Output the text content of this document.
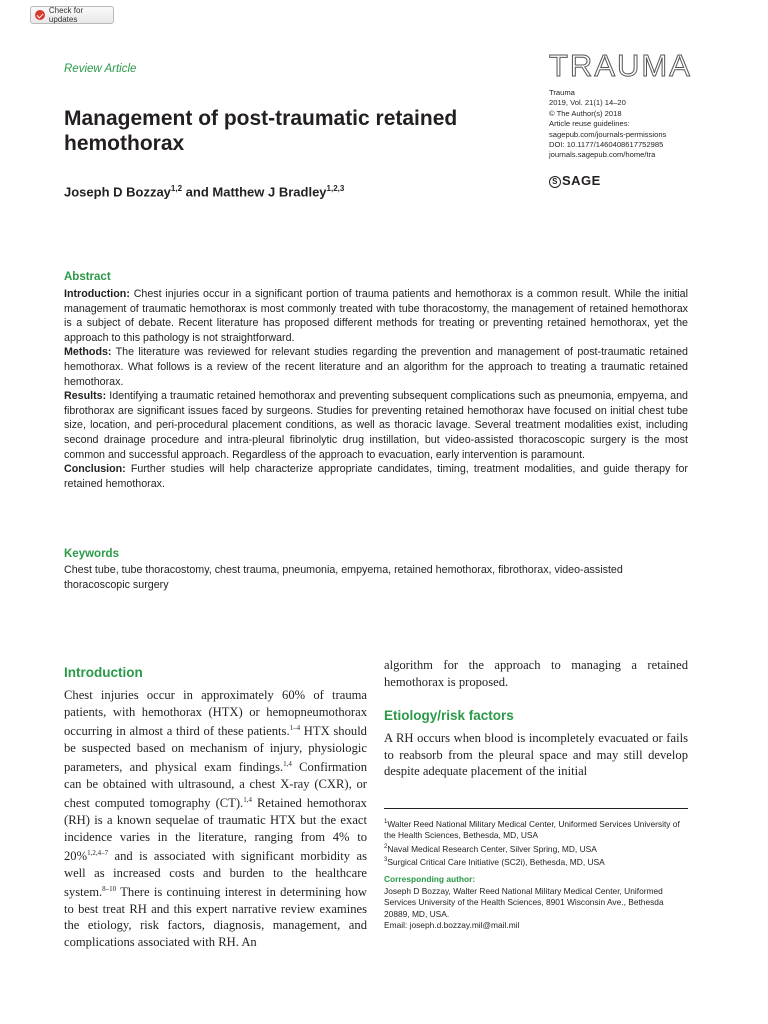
Check for updates
Review Article	TRAUMA
Trauma
2019, Vol. 21(1) 14–20
© The Author(s) 2018
Article reuse guidelines:
sagepub.com/journals-permissions
DOI: 10.1177/1460408617752985
journals.sagepub.com/home/tra
S SAGE
Management of post-traumatic retained hemothorax
Joseph D Bozzay$^{1,2}$ and Matthew J Bradley$^{1,2,3}$
Abstract

Introduction: Chest injuries occur in a significant portion of trauma patients and hemothorax is a common result. While the initial management of traumatic hemothorax is most commonly treated with tube thoracostomy, the management of retained hemothorax is a subject of debate. Recent literature has proposed different methods for treating or preventing retained hemothorax, yet the approach to this pathology is not straightforward.

Methods: The literature was reviewed for relevant studies regarding the prevention and management of post-traumatic retained hemothorax. What follows is a review of the recent literature and an algorithm for the approach to treating a traumatic retained hemothorax.

Results: Identifying a traumatic retained hemothorax and preventing subsequent complications such as pneumonia, empyema, and fibrothorax are significant issues faced by surgeons. Studies for preventing retained hemothorax have focused on initial chest tube size, location, and peri-procedural placement conditions, as well as thoracic lavage. Several treatment modalities exist, including second drainage procedure and intra-pleural fibrinolytic drug instillation, but video-assisted thoracoscopic surgery is the most common and successful approach. Regardless of the approach to evacuation, early intervention is paramount.

Conclusion: Further studies will help characterize appropriate candidates, timing, treatment modalities, and guide therapy for retained hemothorax.

Keywords
Chest tube, tube thoracostomy, chest trauma, pneumonia, empyema, retained hemothorax, fibrothorax, video-assisted thoracoscopic surgery
Introduction

Chest injuries occur in approximately 60% of trauma patients, with hemothorax (HTX) or hemopneumothorax occurring in almost a third of these patients.$^{1-4}$ HTX should be suspected based on mechanism of injury, physiologic parameters, and physical exam findings.$^{1,4}$ Confirmation can be obtained with ultrasound, a chest X-ray (CXR), or chest computed tomography (CT).$^{1,4}$ Retained hemothorax (RH) is a known sequelae of traumatic HTX but the exact incidence varies in the literature, ranging from 4% to 20%$^{1,2,4-7}$ and is associated with significant morbidity as well as increased costs and burden to the healthcare system.$^{8-10}$ There is continuing interest in determining how to best treat RH and this expert narrative review examines the etiology, risk factors, diagnosis, management, and complications associated with RH. An

algorithm for the approach to managing a retained hemothorax is proposed.

Etiology/risk factors

A RH occurs when blood is incompletely evacuated or fails to reabsorb from the pleural space and may still develop despite adequate placement of the initial

$^1$Walter Reed National Military Medical Center, Uniformed Services University of the Health Sciences, Bethesda, MD, USA
$^2$Naval Medical Research Center, Silver Spring, MD, USA
$^3$Surgical Critical Care Initiative (SC2i), Bethesda, MD, USA
Corresponding author:
Joseph D Bozzay, Walter Reed National Military Medical Center, Uniformed Services University of the Health Sciences, 8901 Wisconsin Ave., Bethesda 20889, MD, USA.
Email: joseph.d.bozzay.mil@mail.mil
